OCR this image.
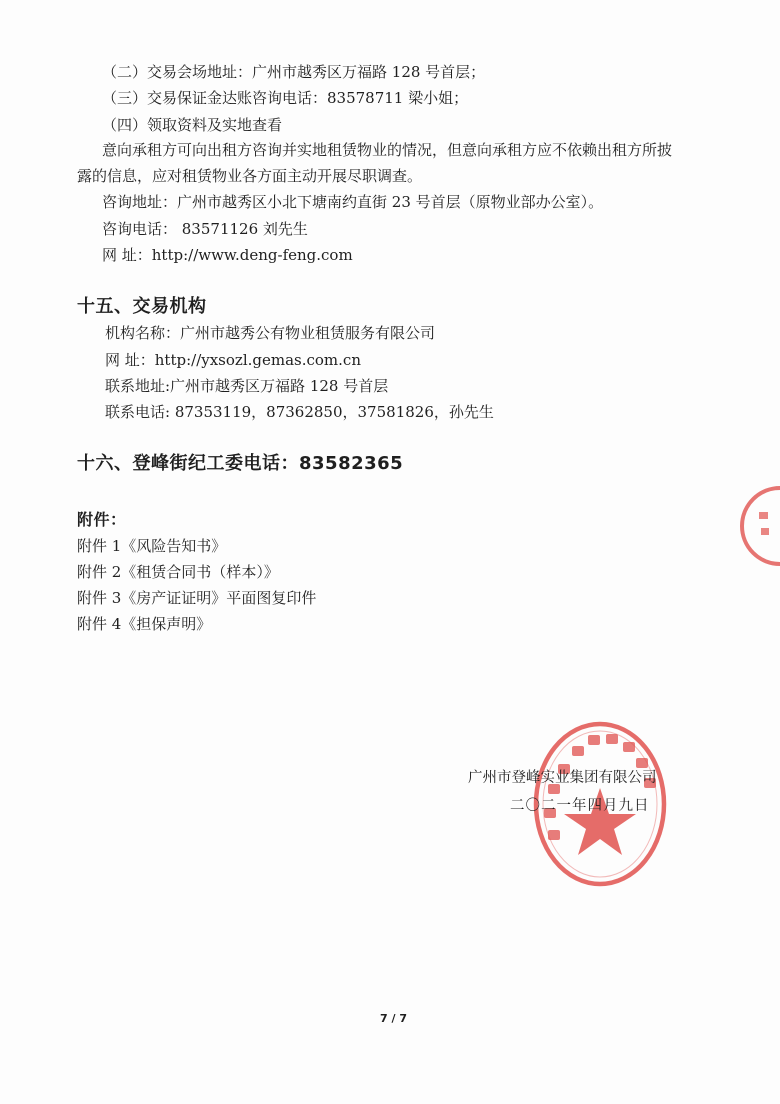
（二）交易会场地址：广州市越秀区万福路 128 号首层；
（三）交易保证金达账咨询电话：83578711 梁小姐；
（四）领取资料及实地查看
意向承租方可向出租方咨询并实地租赁物业的情况，但意向承租方应不依赖出租方所披
露的信息，应对租赁物业各方面主动开展尽职调查。
咨询地址：广州市越秀区小北下塘南约直街 23 号首层（原物业部办公室）。
咨询电话： 83571126 刘先生
网 址：http://www.deng-feng.com
十五、交易机构
机构名称：广州市越秀公有物业租赁服务有限公司
网 址：http://yxsozl.gemas.com.cn
联系地址:广州市越秀区万福路 128 号首层
联系电话: 87353119，87362850，37581826，孙先生
十六、登峰街纪工委电话：83582365
附件：
附件 1《风险告知书》
附件 2《租赁合同书（样本）》
附件 3《房产证证明》平面图复印件
附件 4《担保声明》
广州市登峰实业集团有限公司
二〇二一年四月九日
7 / 7
